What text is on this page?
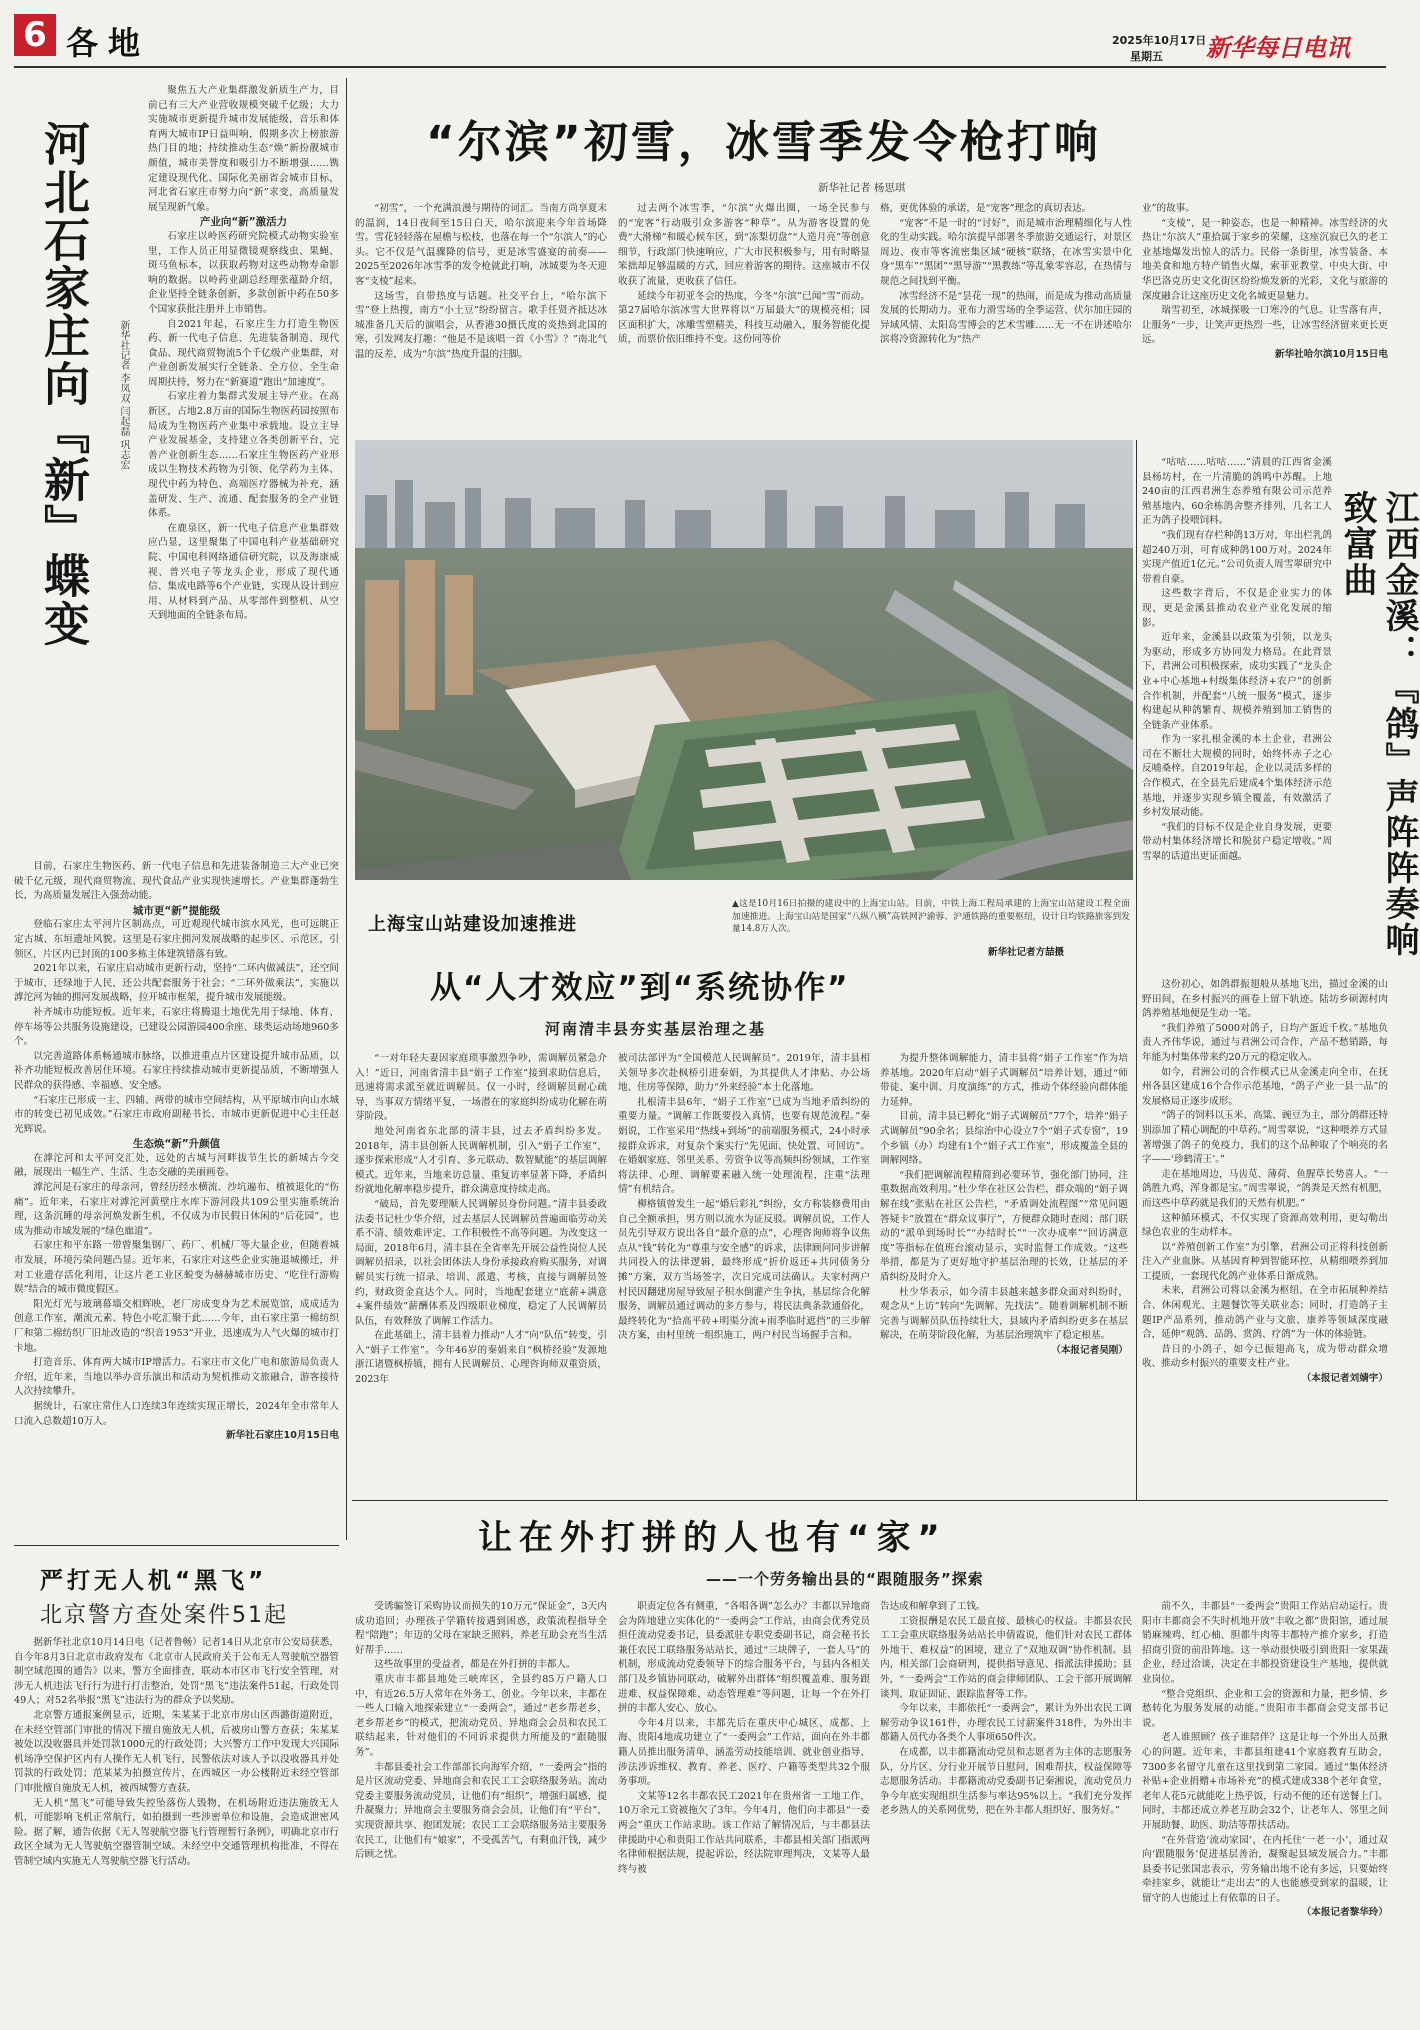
6 各地	2025年10月17日
星期五 新华每日电讯
河北石家庄向『新』蝶变	新华社记者 李凤双 闫起磊 巩志宏

聚焦五大产业集群激发新质生产力，目前已有三大产业营收规模突破千亿级；大力实施城市更新提升城市发展能级，音乐和体育两大城市IP日益叫响，假期多次上榜旅游热门目的地；持续推动生态“焕”新扮靓城市颜值，城市美誉度和吸引力不断增强……镌定建设现代化、国际化美丽省会城市目标，河北省石家庄市努力向“新”求变，高质量发展呈现新气象。

产业向“新”激活力

石家庄以岭医药研究院模式动物实验室里，工作人员正用显微镜观察线虫、果蝇、斑马鱼标本，以获取药物对这些动物寿命影响的数据。以岭药业副总经理张蕴龄介绍，企业坚持全链条创新，多款创新中药在50多个国家获批注册并上市销售。

自2021年起，石家庄生力打造生物医药、新一代电子信息、先进装备制造、现代食品、现代商贸物流5个千亿级产业集群，对产业创新发展实行全链条、全方位、全生命周期扶持，努力在“新赛道”跑出“加速度”。

石家庄着力集群式发展主导产业。在高新区，占地2.8万亩的国际生物医药园按照布局成为生物医药产业集中承载地。设立主导产业发展基金，支持建立各类创新平台，完善产业创新生态……石家庄生物医药产业形成以生物技术药物为引领、化学药为主体、现代中药为特色、高端医疗器械为补充，涵盖研发、生产、流通、配套服务的全产业链体系。

在鹿泉区，新一代电子信息产业集群效应凸显，这里聚集了中国电科产业基础研究院、中国电科网络通信研究院，以及海康威视、普兴电子等龙头企业，形成了现代通信、集成电路等6个产业链，实现从设计到应用、从材料到产品、从零部件到整机、从空天到地面的全链条布局。

目前，石家庄生物医药、新一代电子信息和先进装备制造三大产业已突破千亿元级，现代商贸物流、现代食品产业实现快速增长。产业集群蓬勃生长，为高质量发展注入强劲动能。

城市更“新”提能级

登临石家庄太平河片区制高点，可近观现代城市滨水风光，也可远眺正定古城、东垣遗址风貌。这里是石家庄拥河发展战略的起步区、示范区，引领区，片区内已封顶的100多栋主体建筑错落有致。

2021年以来，石家庄启动城市更新行动，坚持“二环内做减法”，还空间于城市，还绿地于人民，还公共配套服务于社会；“二环外做乘法”，实施以滹沱河为轴的拥河发展战略，拉开城市框架，提升城市发展能级。

补齐城市功能短板。近年来，石家庄将腾退土地优先用于绿地、体育、停车场等公共服务设施建设，已建设公园游园400余座、球类运动场地960多个。

以完善道路体系畅通城市脉络，以推进重点片区建设提升城市品质，以补齐功能短板改善居住环境。石家庄持续推动城市更新提品质，不断增强人民群众的获得感、幸福感、安全感。

“石家庄已形成一主、四辅、两带的城市空间结构，从平原城市向山水城市的转变已初见成效。”石家庄市政府副秘书长、市城市更新促进中心主任赵光辉说。

生态焕“新”升颜值

在滹沱河和太平河交汇处，远处的古城与河畔拔节生长的新城古今交融，展现出一幅生产、生活、生态交融的美丽画卷。

滹沱河是石家庄的母亲河，曾经历经水横流、沙坑遍布、植被退化的“伤痛”。近年来，石家庄对滹沱河黄壁庄水库下游河段共109公里实施系统治理，这条沉睡的母亲河焕发新生机，不仅成为市民假日休闲的“后花园”，也成为推动市域发展的“绿色廊道”。

石家庄和平东路一带曾聚集钢厂、药厂、机械厂等大量企业，但随着城市发展，环境污染问题凸显。近年来，石家庄对这些企业实施退城搬迁，并对工业遗存活化利用，让这片老工业区蜕变为赫赫城市历史、“吃住行游购娱”结合的城市微度假区。

阳光灯光与玻璃幕墙交相辉映，老厂房成变身为艺术展览馆，成成适为创意工作室，潮流元素、特色小吃汇聚于此……今年，由石家庄第一棉纺织厂和第二棉纺织厂旧址改造的“织音1953”开业，迅速成为人气火爆的城市打卡地。

打造音乐、体育两大城市IP增活力。石家庄市文化广电和旅游局负责人介绍，近年来，当地以举办音乐演出和活动为契机推动文旅融合，游客接待人次持续攀升。

据统计，石家庄常住人口连续3年连续实现正增长，2024年全市常年人口流入总数超10万人。

新华社石家庄10月15日电

严打无人机“黑飞”
北京警方查处案件51起

据新华社北京10月14日电（记者鲁畅）记者14日从北京市公安局获悉，自今年8月3日北京市政府发布《北京市人民政府关于公布无人驾驶航空器管制空域范围的通告》以来，警方全面排查，联动本市区市飞行安全管理，对涉无人机违法飞行行为进行打击整治，处罚“黑飞”违法案件51起，行政处罚49人；对52名举报“黑飞”违法行为的群众予以奖励。

北京警方通报案例显示，近期，朱某某于北京市房山区西潞街道附近，在未经空管部门审批的情况下擅自施放无人机，后被房山警方查获；朱某某被处以没收器具并处罚款1000元的行政处罚；大兴警方工作中发现大兴国际机场净空保护区内有人操作无人机飞行，民警依法对该人予以没收器具并处罚款的行政处罚；范某某为拍摄宣传片，在西城区一办公楼附近未经空管部门审批擅自施放无人机，被西城警方查获。

无人机“黑飞”可能导致失控坠落伤人毁物，在机场附近违法施放无人机，可能影响飞机正常航行，如拍摄到一些涉密单位和设施，会造成泄密风险。据了解，通告依据《无人驾驶航空器飞行管理暂行条例》，明确北京市行政区全域为无人驾驶航空器管制空域。未经空中交通管理机构批准，不得在管制空域内实施无人驾驶航空器飞行活动。

“尔滨”初雪，冰雪季发令枪打响
新华社记者 杨思琪

“初雪”，一个充满浪漫与期待的词汇。当南方尚享夏末的温润，14日夜间至15日白天，哈尔滨迎来今年首场降雪。雪花轻轻落在屋檐与松枝，也落在每一个“尔滨人”的心头。它不仅是气温骤降的信号，更是冰雪盛宴的前奏——2025至2026年冰雪季的发令枪就此打响，冰城要为冬天迎客“支棱”起来。

这场雪，自带热度与话题。社交平台上，“哈尔滨下雪”登上热搜，南方“小土豆”纷纷留言。歌手任贤齐抵达冰城准备几天后的演唱会，从香港30摄氏度的炎热到北国的寒，引发网友打趣：“他是不是该唱一首《小雪》？”南北气温的反差，成为“尔滨”热度升温的注脚。

过去两个冰雪季，“尔滨”火爆出圈，一场全民参与的“宠客”行动吸引众多游客“种草”。从为游客设置的免费“大滑梯”和暖心候车区，到“冻梨切盘”“人造月亮”等创意细节，行政部门快速响应，广大市民积极参与，用有时略显笨拙却足够温暖的方式，回应着游客的期待。这座城市不仅收获了流量，更收获了信任。

延续今年初亚冬会的热度，今冬“尔滨”已闻“雪”而动。第27届哈尔滨冰雪大世界将以“万届最大”的规模亮相；园区面积扩大，冰雕雪塑精美，科技互动融入，服务智能化提质，而票价依旧维持不变。这份同等价

格，更优体验的承诺，是“宠客”理念的真切表达。

“宠客”不是一时的“讨好”，而是城市治理精细化与人性化的生动实践。哈尔滨提早部署冬季旅游交通运行，对景区周边、夜市等客流密集区域“硬核”联络，在冰雪实景中化身“黑车”“黑团”“黑导游”“黑教练”等乱象零容忍，在热情与规范之间找到平衡。

冰雪经济不是“昙花一现”的热闹，而是成为推动高质量发展的长期动力。亚布力滑雪场的全季运营、伏尔加庄园的异域风情、太阳岛雪博会的艺术雪雕……无一不在讲述哈尔滨将冷资源转化为“热产

业”的故事。

“支棱”，是一种姿态，也是一种精神。冰雪经济的火热让“尔滨人”重拾属于家乡的荣耀，这座沉寂已久的老工业基地爆发出惊人的活力。民俗一条街里，冰雪装备、本地美食和地方特产销售火爆，索菲亚教堂、中央大街、中华巴洛克历史文化街区纷纷焕发新的光彩，文化与旅游的深度融合让这座历史文化名城更显魅力。

瑞雪初至，冰城探吸一口寒冷的气息。让雪落有声，让服务“一步，让笑声更热烈一些，让冰雪经济留来更长更远。

新华社哈尔滨10月15日电

上海宝山站建设加速推进
▲这是10月16日拍摄的建设中的上海宝山站。目前，中铁上海工程局承建的上海宝山站建设工程全面加速推进。上海宝山站是国家“八纵八横”高铁网沪渝蓉、沪通铁路的重要枢纽，设计日均铁路旅客到发量14.8万人次。
新华社记者方喆摄
从“人才效应”到“系统协作”
河南清丰县夯实基层治理之基

“一对年轻夫妻因家庭琐事激烈争吵，需调解员紧急介入！”近日，河南省清丰县“娟子工作室”接到求助信息后，迅速将需求派至就近调解员。仅一小时，经调解员耐心疏导，当事双方情绪平复，一场潜在的家庭纠纷成功化解在萌芽阶段。

地处河南省东北部的清丰县，过去矛盾纠纷多发。2018年，清丰县创新人民调解机制，引入“娟子工作室”，逐步探索形成“人才引育、多元联动、数智赋能”的基层调解模式。近年来，当地来访总量、重复访率显著下降，矛盾纠纷就地化解率稳步提升，群众满意度持续走高。

“破局，首先要理顺人民调解员身份问题。”清丰县委政法委书记杜少华介绍，过去基层人民调解员普遍面临劳动关系不清、绩效难评定、工作积极性不高等问题。为改变这一局面，2018年6月，清丰县在全省率先开展公益性岗位人民调解员招录，以社会团体法人身份承接政府购买服务，对调解员实行统一招录、培训、派遣、考核，直接与调解员签约，财政资金直达个人。同时，当地配套建立“底薪+满意+案件绩效”薪酬体系及四级职业梯度，稳定了人民调解员队伍，有效释放了调解工作活力。

在此基础上，清丰县着力推动“人才”向“队伍”转变，引入“娟子工作室”。今年46岁的秦娟来自“枫桥经验”发源地浙江诸暨枫桥镇，拥有人民调解员、心理咨询师双重资质，2023年

被司法部评为“全国模范人民调解员”。2019年，清丰县相关领导多次赴枫桥引进秦娟，为其提供人才津贴、办公场地、住房等保障，助力“外来经验”本土化落地。

扎根清丰县6年，“娟子工作室”已成为当地矛盾纠纷的重要力量。“调解工作既要投入真情，也要有规范流程。”秦娟说，工作室采用“热线+到场”的前端服务模式，24小时承接群众诉求，对复杂个案实行“先见面、快处置、可回访”。在婚姻家庭、邻里关系、劳资争议等高频纠纷领域，工作室将法律、心理、调解要素融入统一处理流程，注重“法理情”有机结合。

柳格镇曾发生一起“婚后彩礼”纠纷，女方称装修费用由自己全额承担，男方则以流水为证反驳。调解员说，工作人员先引导双方说出各自“最介意的点”，心理咨询师将争议焦点从“钱”转化为“尊重与安全感”的诉求，法律顾问同步讲解共同投入的法律逻辑，最终形成“折价返还+共同债务分摊”方案，双方当场签字，次日完成司法确认。夫家村两户村民因翻建房屋导致屋子积水倒灌产生争执，基层综合化解服务，调解员通过调动的多方参与，将民法典条款通俗化，最终转化为“拾高平砖+明渠分流+雨季临时遮挡”的三步解决方案，由村里统一组织施工，两户村民当场握手言和。

为提升整体调解能力，清丰县将“娟子工作室”作为培养基地。2020年启动“娟子式调解员”培养计划，通过“师带徒、案中训、月度演练”的方式，推动个体经验向群体能力延伸。

目前，清丰县已孵化“娟子式调解员”77个，培养“娟子式调解员”90余名；县综治中心设立7个“娟子式专窗”，19个乡镇（办）均建有1个“娟子式工作室”，形成覆盖全县的调解网络。

“我们把调解流程精简到必要环节，强化部门协同，注重数据高效利用。”杜少华在社区公告栏，群众端的“娟子调解在线”张贴在社区公告栏，“矛盾调处流程图”“常见问题答疑卡”放置在“群众议事厅”，方便群众随时查阅；部门联动的“派单到场时长”“办结时长”“一次办成率”“回访满意度”等指标在值班台滚动显示，实时监督工作成效。“这些举措，都是为了更好地守护基层治理的长效，让基层的矛盾纠纷及时介入。

杜少华表示，如今清丰县越来越多群众面对纠纷时，观念从“上访”转向“先调解、先找法”。随着调解机制不断完善与调解员队伍持续壮大，县域内矛盾纠纷更多在基层解决，在萌芽阶段化解，为基层治理筑牢了稳定根基。

（本报记者吴刚）

“咕咕……咕咕……”清晨的江西省金溪县杨坊村，在一片清脆的鸽鸣中苏醒。上地240亩的江西君洲生态养殖有限公司示范养殖基地内，60余栋鸽舍整齐排列，几名工人正为鸽子投喂饲料。

“我们现有存栏种鸽13万对，年出栏乳鸽超240万羽，可育成种鸽100万对。2024年实现产值近1亿元。”公司负责人周雪翠研究中带着自豪。

这些数字背后，不仅是企业实力的体现，更是金溪县推动农业产业化发展的缩影。

近年来，金溪县以政策为引领，以龙头为驱动，形成多方协同发力格局。在此背景下，君洲公司积极探索，成功实践了“龙头企业+中心基地+村级集体经济+农户”的创新合作机制，并配套“八统一服务”模式，逐步构建起从种鸽繁育、规模养殖到加工销售的全链条产业体系。

作为一家扎根金溪的本土企业，君洲公司在不断壮大规模的同时，始终怀赤子之心反哺桑梓。自2019年起，企业以灵活多样的合作模式，在全县先后建成4个集体经济示范基地，并逐步实现乡镇全覆盖，有效激活了乡村发展动能。

“我们的目标不仅是企业自身发展，更要带动村集体经济增长和脱贫户稳定增收。”周雪翠的话道出更证面越。	江西金溪：『鸽』声阵阵奏响致富曲

这份初心，如鸽群振翅般从基地飞出，描过金溪的山野田间，在乡村振兴的画卷上留下轨迹。陆坊乡硕源村肉鸽养殖基地便是生动一笔。

“我们养殖了5000对鸽子，日均产蛋近千枚。”基地负责人齐伟华说，通过与君洲公司合作，产品不愁销路，每年能为村集体带来约20万元的稳定收入。

如今，君洲公司的合作模式已从金溪走向全市，在抚州各县区建成16个合作示范基地，“鸽子产业一县一品”的发展格局正逐步成形。

“鸽子的饲料以玉米、高粱、豌豆为主，部分鸽群还特别添加了精心调配的中草药。”周雪翠说，“这种喂养方式显著增强了鸽子的免疫力，我们的这个品种取了个响亮的名字——‘珍鹤清王’。”

走在基地周边，马齿苋、薄荷、鱼腥草长势喜人。“一鸽胜九鸡，浑身都是宝。”周雪翠说，“鸽粪是天然有机肥，而这些中草药就是我们的天然有机肥。”

这种循环模式，不仅实现了资源高效利用，更勾勒出绿色农业的生动样本。

以“养殖创新工作室”为引擎，君洲公司正将科技创新注入产业血脉。从基因育种到智能环控，从精细喂养到加工提质，一套现代化鸽产业体系日渐成熟。

未来，君洲公司将以金溪为枢纽，在全市拓展种养结合、休闲观光、主题餐饮等关联业态；同时，打造鸽子主题IP产品系列，推动鸽产业与文旅、康养等领域深度融合，延伸“观鸽、品鸽、赏鸽、疗鸽”为一体的体验链。

昔日的小鸽子，如今已振翅高飞，成为带动群众增收、推动乡村振兴的重要支柱产业。

（本报记者刘婧宇）

让在外打拼的人也有“家”
——一个劳务输出县的“跟随服务”探索

受诱骗签订采购协议而损失的10万元“保证金”，3天内成功追回；办理孩子学籍转接遇到困惑，政策流程指导全程“陪跑”；年迈的父母在家缺乏照料，养老互助会充当生活好帮手……

这些故事里的受益者，都是在外打拼的丰都人。

重庆市丰都县地处三峡库区，全县约85万户籍人口中，有近26.5万人常年在外务工、创业。今年以来，丰都在一些人口输入地探索建立“一委两会”，通过“老乡帮老乡，老乡帮老乡”的模式，把流动党员、异地商会会员和农民工联结起来，针对他们的不同诉求提供力所能及的“跟随服务”。

丰都县委社会工作部部长向海军介绍，“一委两会”指的是片区流动党委、异地商会和农民工工会联络服务站。流动党委主要服务流动党员，让他们有“组织”，增强归属感，提升凝聚力；异地商会主要服务商会会员，让他们有“平台”，实现资源共享、抱团发展；农民工工会联络服务站主要服务农民工，让他们有“娘家”，不受孤苦气，有剩血汗钱，减少后顾之忧。

职责定位各有侧重，“各唱各调”怎么办？丰都以异地商会为阵地建立实体化的“一委两会”工作站，由商会优秀党员担任流动党委书记，县委派驻专职党委副书记，商会秘书长兼任农民工联络服务站站长，通过“三块牌子，一套人马”的机制，形成流动党委领导下的综合服务平台，与县内各相关部门及乡镇协同联动，破解外出群体“组织覆盖难、服务跟进难、权益保障难、动态管理难”等问题，让每一个在外打拼的丰都人安心、放心。

今年4月以来，丰都先后在重庆中心城区、成都、上海、贵阳4地成功建立了“一委两会”工作站，面向在外丰都籍人员推出服务清单，涵盖劳动技能培训、就业创业指导、涉法涉诉维权、教育、养老、医疗、户籍等类型共32个服务事项。

文某等12名丰都农民工2021年在贵州省一工地工作，10万余元工资被拖欠了3年。今年4月，他们向丰都县“一委两会”重庆工作站求助。该工作站了解情况后，与丰都县法律援助中心和贵阳工作站共同联系，丰都县相关部门指派两名律师根据法规，提起诉讼，经法院审理判决，文某等人最终与被

告达成和解拿到了工钱。

工资报酬是农民工最直接、最核心的权益。丰都县农民工工会重庆联络服务站站长申倩霞说，他们针对农民工群体外地干、难权益”的困境，建立了“双地双调”协作机制。县内，相关部门会商研判，提供指导意见、指派法律援助；县外，“一委两会”工作站的商会律师团队、工会干部开展调解谈判、取证固证、跟踪监督等工作。

今年以来，丰都依托“一委两会”，累计为外出农民工调解劳动争议161件，办理农民工讨薪案件318件，为外出丰都籍人员代办各类个人事项650件次。

在成都，以丰都籍流动党员和志愿者为主体的志愿服务队，分片区、分行业开展节日慰问，困难帮扶，权益保障等志愿服务活动。丰都籍流动党委副书记秦湘说，流动党员力争今年底实现组织生活参与率达95%以上。“我们充分发挥老乡熟人的关系网优势，把在外丰都人组织好、服务好。”

前不久，丰都县“一委两会”贵阳工作站启动运行。贵阳市丰都商会不失时机地开放“丰收之都”贵阳馆，通过展销麻辣鸡、红心柚、胆都牛肉等丰都特产推介家乡，打造招商引资的前沿阵地。这一举动很快吸引到贵阳一家果蔬企业，经过洽谈，决定在丰都投资建设生产基地，提供就业岗位。

“整合党组织、企业和工会的资源和力量，把乡情、乡愁转化为服务发展的动能。”贵阳市丰都商会党支部书记说。

老人谁照顾？孩子谁陪伴？这是让每一个外出人员揪心的问题。近年来，丰都县组建41个家庭教育互助会，7300多名留守儿童在这里找到第二家园。通过“集体经济补贴+企业捐赠+市场补充”的模式建成338个老年食堂，老年人花5元就能吃上热乎饭，行动不便的还有送餐上门。同时，丰都还成立养老互助会32个，让老年人、邻里之间开展助餐、助医、助洁等帮扶活动。

“在外营造‘流动家园’，在内托住‘一老一小’，通过双向‘跟随服务’促进基层善治，凝聚起县域发展合力。”丰都县委书记张国忠表示，劳务输出地不论有多远，只要始终牵挂家乡，就能让“走出去”的人也能感受到家的温暖，让留守的人也能过上有依靠的日子。

（本报记者黎华玲）
